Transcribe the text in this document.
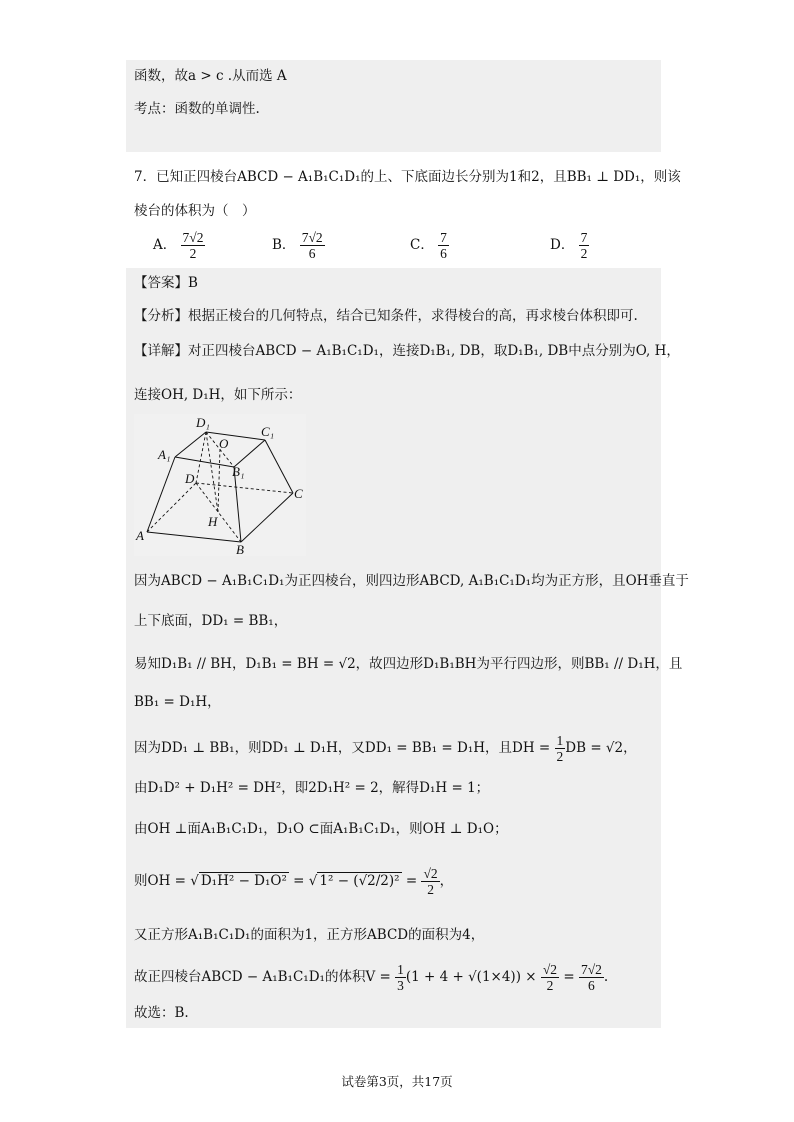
函数，故a > c .从而选 A
考点：函数的单调性.
7．已知正四棱台ABCD − A₁B₁C₁D₁的上、下底面边长分别为1和2，且BB₁ ⊥ DD₁，则该
棱台的体积为（　）
A． $\frac{7√2}{2}$	B． $\frac{7√2}{6}$	C． $\frac{7}{6}$	D． $\frac{7}{2}$
【答案】B
【分析】根据正棱台的几何特点，结合已知条件，求得棱台的高，再求棱台体积即可.
【详解】对正四棱台ABCD − A₁B₁C₁D₁，连接D₁B₁, DB，取D₁B₁, DB中点分别为O, H，
连接OH, D₁H，如下所示：
D₁
C₁
A₁
B₁
O
D
C
H
A
B
因为ABCD − A₁B₁C₁D₁为正四棱台，则四边形ABCD, A₁B₁C₁D₁均为正方形，且OH垂直于
上下底面，DD₁ = BB₁，
易知D₁B₁ // BH，D₁B₁ = BH = √2，故四边形D₁B₁BH为平行四边形，则BB₁ // D₁H，且
BB₁ = D₁H，
因为DD₁ ⊥ BB₁，则DD₁ ⊥ D₁H，又DD₁ = BB₁ = D₁H，且DH = $\frac{1}{2}$ DB = √2，
由D₁D² + D₁H² = DH²，即2D₁H² = 2，解得D₁H = 1；
由OH ⊥面A₁B₁C₁D₁，D₁O ⊂面A₁B₁C₁D₁，则OH ⊥ D₁O；
则OH = √ D₁H² − D₁O² = √ $1^2 - (√2/2)^2 = \frac{√2}{2}$ ，
又正方形A₁B₁C₁D₁的面积为1，正方形ABCD的面积为4，
故正四棱台ABCD − A₁B₁C₁D₁的体积$V = \frac{1}{3} (1 + 4 + √(1\times 4)) \times \frac{√2}{2} = \frac{7√2}{6}$ .
故选：B.
试卷第3页，共17页
